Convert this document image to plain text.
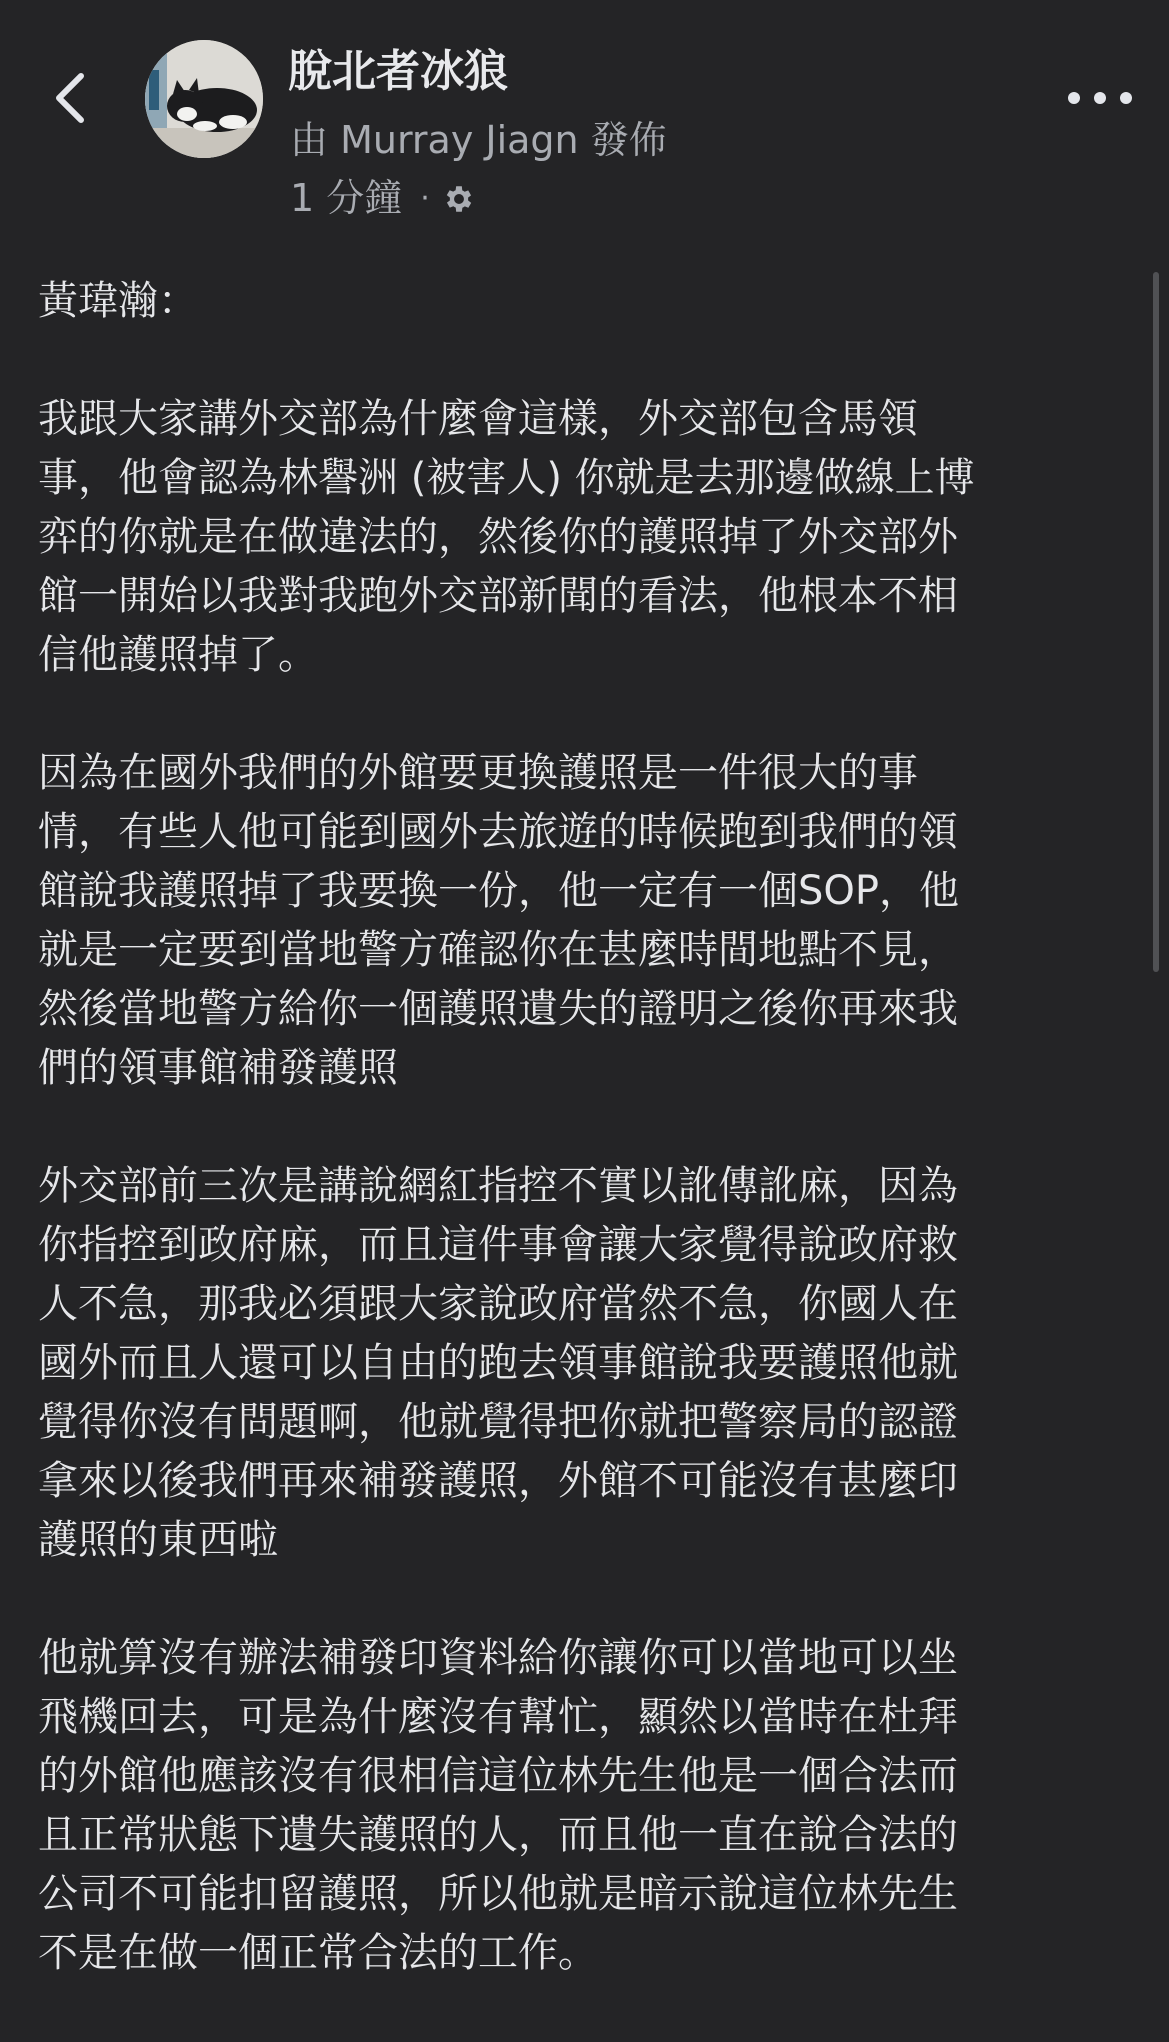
脫北者冰狼
由 Murray Jiagn 發佈
1 分鐘 ·

黃瑋瀚：

我跟大家講外交部為什麼會這樣，外交部包含馬領
事，他會認為林譽洲 (被害人) 你就是去那邊做線上博
弈的你就是在做違法的，然後你的護照掉了外交部外
館一開始以我對我跑外交部新聞的看法，他根本不相
信他護照掉了。
因為在國外我們的外館要更換護照是一件很大的事
情，有些人他可能到國外去旅遊的時候跑到我們的領
館說我護照掉了我要換一份，他一定有一個SOP，他
就是一定要到當地警方確認你在甚麼時間地點不見，
然後當地警方給你一個護照遺失的證明之後你再來我
們的領事館補發護照
外交部前三次是講說網紅指控不實以訛傳訛麻，因為
你指控到政府麻，而且這件事會讓大家覺得說政府救
人不急，那我必須跟大家說政府當然不急，你國人在
國外而且人還可以自由的跑去領事館說我要護照他就
覺得你沒有問題啊，他就覺得把你就把警察局的認證
拿來以後我們再來補發護照，外館不可能沒有甚麼印
護照的東西啦
他就算沒有辦法補發印資料給你讓你可以當地可以坐
飛機回去，可是為什麼沒有幫忙，顯然以當時在杜拜
的外館他應該沒有很相信這位林先生他是一個合法而
且正常狀態下遺失護照的人，而且他一直在說合法的
公司不可能扣留護照，所以他就是暗示說這位林先生
不是在做一個正常合法的工作。
